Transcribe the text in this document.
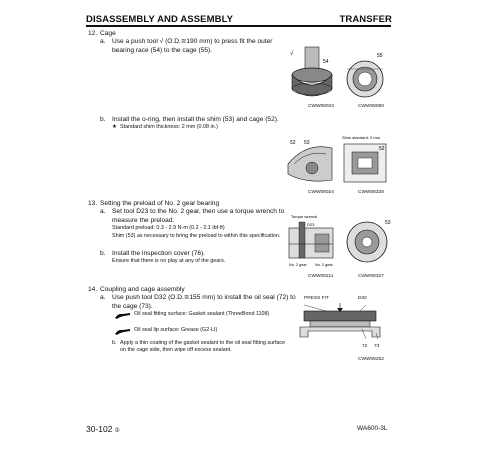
DISASSEMBLY AND ASSEMBLY	TRANSFER
12. Cage
a. Use a push tool √ (O.D.≅190 mm) to press fit the outer bearing race (54) to the cage (55).
√
54
55
CWW08023	CWW08080
b. Install the o-ring, then install the shim (53) and cage (52).
★ Standard shim thickness: 2 mm (0.08 in.)
52 53
Shim standard: 2 mm
52
CWW08024	CWW08328
13. Setting the preload of No. 2 gear bearing
a. Set tool D23 to the No. 2 gear, then use a torque wrench to measure the preload.
Standard preload: 0.3 - 2.9 N·m (0.2 - 2.1 lbf·ft)
Shim (53) as necessary to bring the preload to within this specification.
b. Install the inspection cover (76).
Ensure that there is no play at any of the gears.
Torque wrench
D23
No. 2 gear No. 2 gear
53
CWW08211	CWW08327
14. Coupling and cage assembly
a. Use push tool D32 (O.D.≅155 mm) to install the oil seal (72) to the cage (73).
Oil seal fitting surface: Gasket sealant (ThreeBond 1108)
Oil seal lip surface: Grease (G2-LI)
b. Apply a thin coating of the gasket sealant to the oil seal fitting surface on the cage side, then wipe off excess sealant.
PRESS FIT	D32
72 73
CWW08252
30-102 ②	WA600-3L
